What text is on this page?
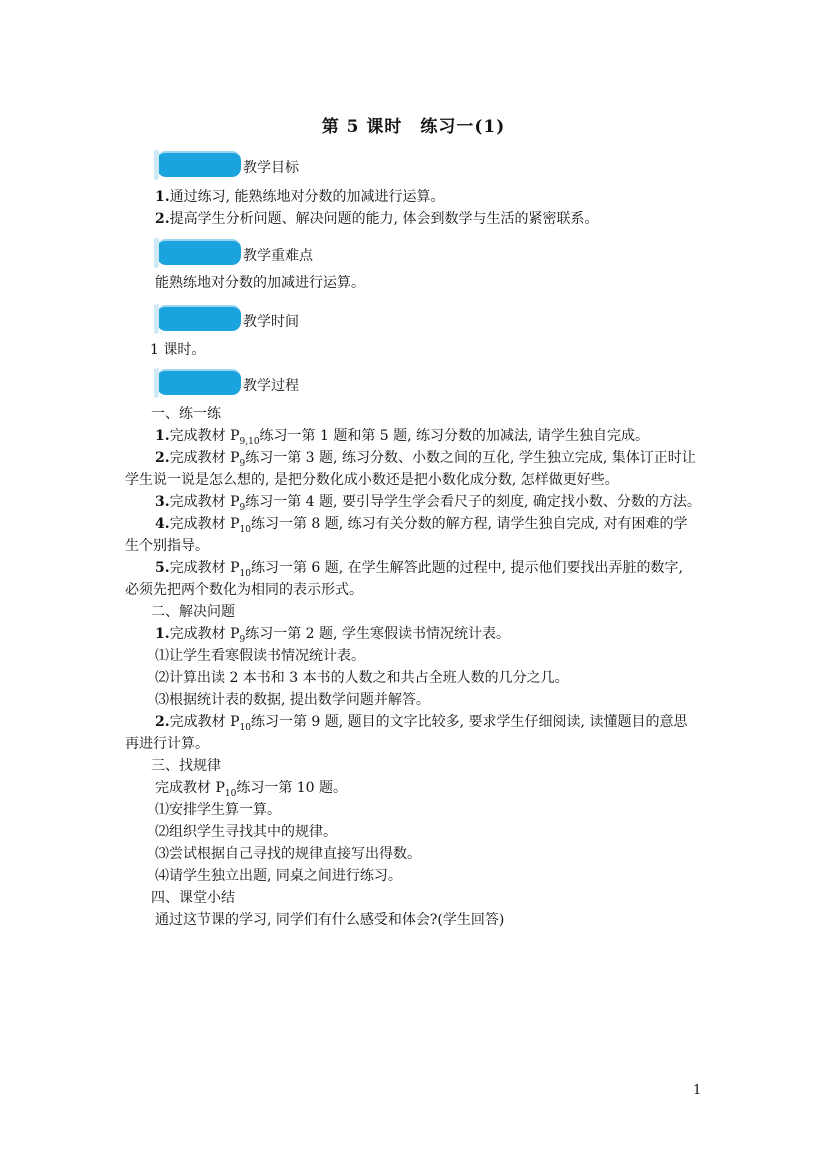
第 5 课时　练习一(1)
教学目标
1.通过练习, 能熟练地对分数的加减进行运算。
2.提高学生分析问题、解决问题的能力, 体会到数学与生活的紧密联系。
教学重难点
能熟练地对分数的加减进行运算。
教学时间
1 课时。
教学过程
一、练一练
1.完成教材 $P_{9,10}$练习一第 1 题和第 5 题, 练习分数的加减法, 请学生独自完成。
2.完成教材 $P_9$练习一第 3 题, 练习分数、小数之间的互化, 学生独立完成, 集体订正时让
学生说一说是怎么想的, 是把分数化成小数还是把小数化成分数, 怎样做更好些。
3.完成教材 $P_9$练习一第 4 题, 要引导学生学会看尺子的刻度, 确定找小数、分数的方法。
4.完成教材 $P_{10}$练习一第 8 题, 练习有关分数的解方程, 请学生独自完成, 对有困难的学
生个别指导。
5.完成教材 $P_{10}$练习一第 6 题, 在学生解答此题的过程中, 提示他们要找出弄脏的数字,
必须先把两个数化为相同的表示形式。
二、解决问题
1.完成教材 $P_9$练习一第 2 题, 学生寒假读书情况统计表。
⑴让学生看寒假读书情况统计表。
⑵计算出读 2 本书和 3 本书的人数之和共占全班人数的几分之几。
⑶根据统计表的数据, 提出数学问题并解答。
2.完成教材 $P_{10}$练习一第 9 题, 题目的文字比较多, 要求学生仔细阅读, 读懂题目的意思
再进行计算。
三、找规律
完成教材 $P_{10}$练习一第 10 题。
⑴安排学生算一算。
⑵组织学生寻找其中的规律。
⑶尝试根据自己寻找的规律直接写出得数。
⑷请学生独立出题, 同桌之间进行练习。
四、课堂小结
通过这节课的学习, 同学们有什么感受和体会?(学生回答)
1
